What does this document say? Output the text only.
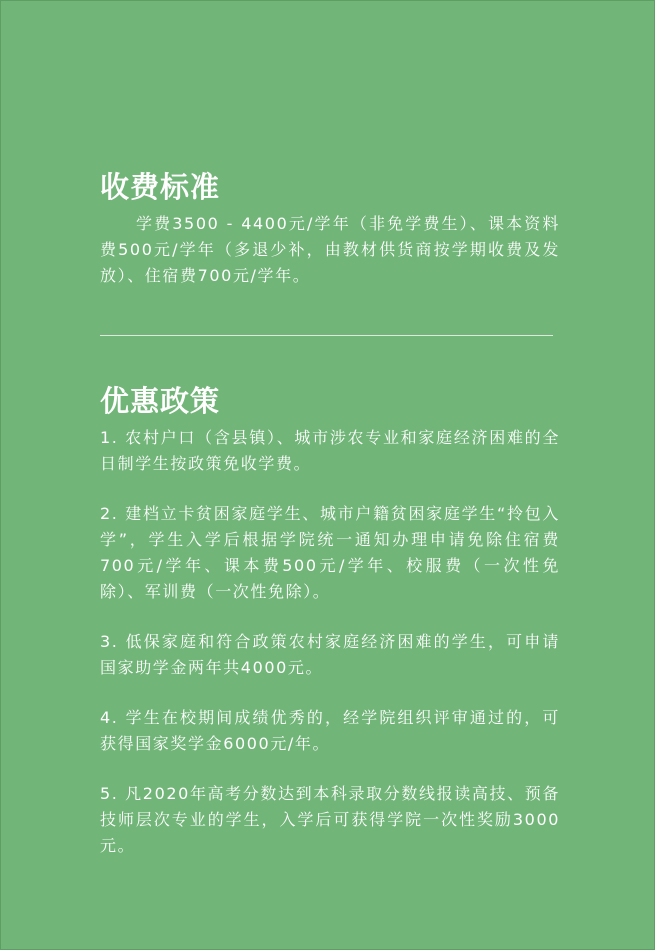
收费标准

学费3500 - 4400元/学年（非免学费生）、课本资料费500元/学年（多退少补，由教材供货商按学期收费及发放）、住宿费700元/学年。

优惠政策

1. 农村户口（含县镇）、城市涉农专业和家庭经济困难的全日制学生按政策免收学费。

2. 建档立卡贫困家庭学生、城市户籍贫困家庭学生“拎包入学”，学生入学后根据学院统一通知办理申请免除住宿费700元/学年、课本费500元/学年、校服费（一次性免除）、军训费（一次性免除）。

3. 低保家庭和符合政策农村家庭经济困难的学生，可申请国家助学金两年共4000元。

4. 学生在校期间成绩优秀的，经学院组织评审通过的，可获得国家奖学金6000元/年。

5. 凡2020年高考分数达到本科录取分数线报读高技、预备技师层次专业的学生，入学后可获得学院一次性奖励3000元。
